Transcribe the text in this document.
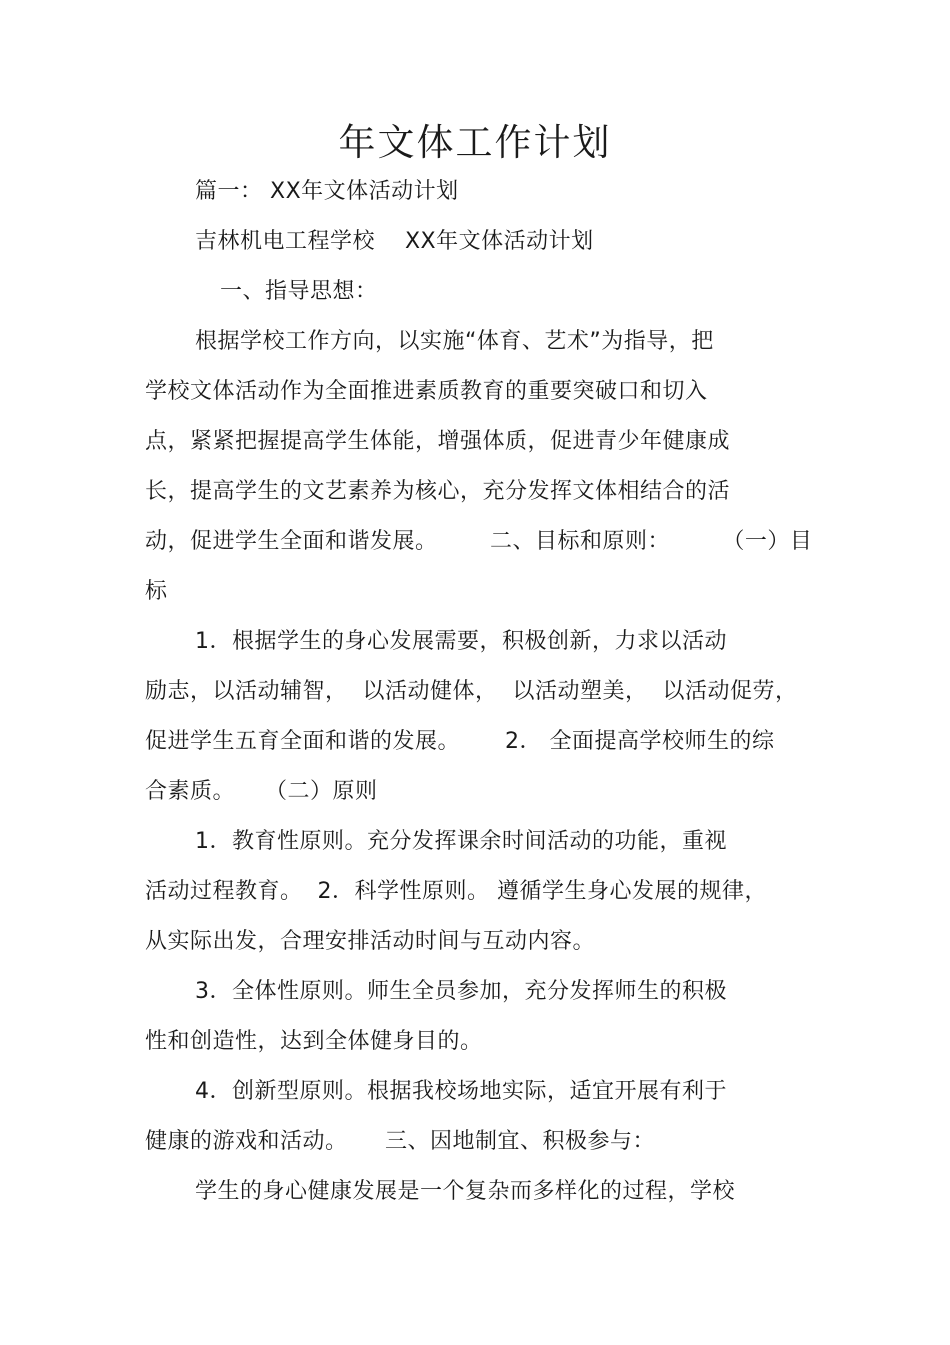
年文体工作计划
篇一： XX年文体活动计划
吉林机电工程学校    XX年文体活动计划
一、指导思想：
根据学校工作方向，以实施“体育、艺术”为指导，把
学校文体活动作为全面推进素质教育的重要突破口和切入
点，紧紧把握提高学生体能，增强体质，促进青少年健康成
长，提高学生的文艺素养为核心，充分发挥文体相结合的活
动，促进学生全面和谐发展。       二、目标和原则：       （一）目
标
1．根据学生的身心发展需要，积极创新，力求以活动
励志，以活动辅智，  以活动健体，  以活动塑美，  以活动促劳，
促进学生五育全面和谐的发展。      2． 全面提高学校师生的综
合素质。    （二）原则
1．教育性原则。充分发挥课余时间活动的功能，重视
活动过程教育。  2．科学性原则。 遵循学生身心发展的规律，
从实际出发，合理安排活动时间与互动内容。
3．全体性原则。师生全员参加，充分发挥师生的积极
性和创造性，达到全体健身目的。
4．创新型原则。根据我校场地实际，适宜开展有利于
健康的游戏和活动。     三、因地制宜、积极参与：
学生的身心健康发展是一个复杂而多样化的过程，学校
